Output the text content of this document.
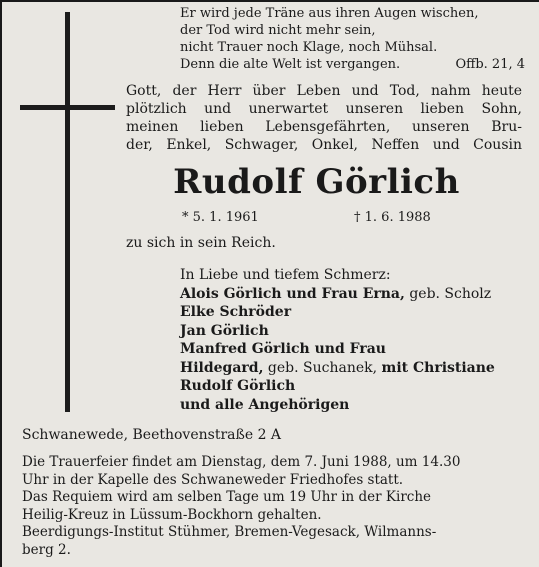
Er wird jede Träne aus ihren Augen wischen,
der Tod wird nicht mehr sein,
nicht Trauer noch Klage, noch Mühsal.
Denn die alte Welt ist vergangen.	Offb. 21, 4
Gott, der Herr über Leben und Tod, nahm heute
plötzlich und unerwartet unseren lieben Sohn,
meinen lieben Lebensgefährten, unseren Bru-
der, Enkel, Schwager, Onkel, Neffen und Cousin
Rudolf Görlich
* 5. 1. 1961	† 1. 6. 1988
zu sich in sein Reich.
In Liebe und tiefem Schmerz:
Alois Görlich und Frau Erna, geb. Scholz
Elke Schröder
Jan Görlich
Manfred Görlich und Frau
Hildegard, geb. Suchanek, mit Christiane
Rudolf Görlich
und alle Angehörigen
Schwanewede, Beethovenstraße 2 A
Die Trauerfeier findet am Dienstag, dem 7. Juni 1988, um 14.30
Uhr in der Kapelle des Schwaneweder Friedhofes statt.
Das Requiem wird am selben Tage um 19 Uhr in der Kirche
Heilig-Kreuz in Lüssum-Bockhorn gehalten.
Beerdigungs-Institut Stühmer, Bremen-Vegesack, Wilmanns-
berg 2.
